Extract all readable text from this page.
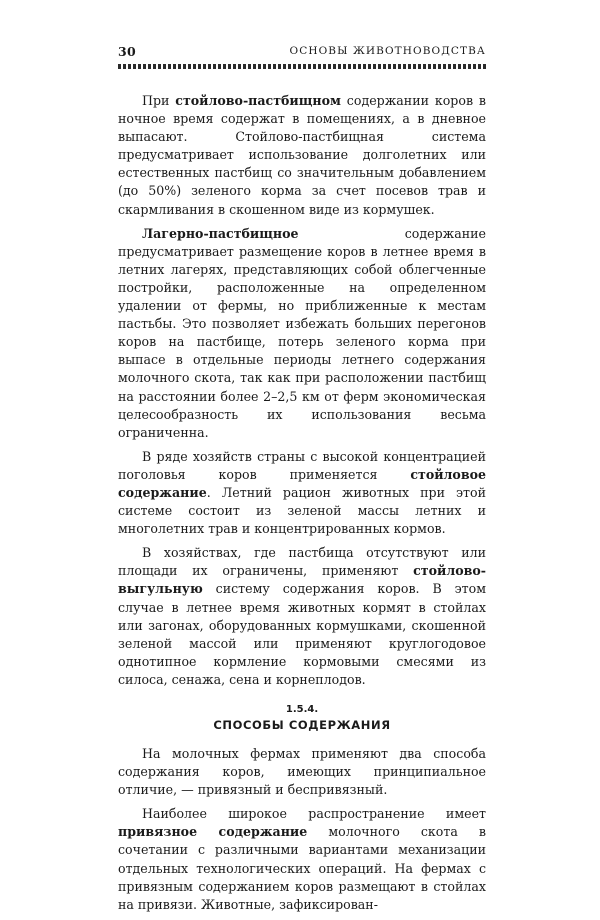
30	ОСНОВЫ ЖИВОТНОВОДСТВА

При стойлово-пастбищном содержании коров в ночное время содержат в помещениях, а в дневное выпасают. Стойлово-пастбищная система предусматривает использование долголетних или естественных пастбищ со значительным добавлением (до 50%) зеленого корма за счет посевов трав и скармливания в скошенном виде из кормушек.

Лагерно-пастбищное содержание предусматривает размещение коров в летнее время в летних лагерях, представляющих собой облегченные постройки, расположенные на определенном удалении от фермы, но приближенные к местам пастьбы. Это позволяет избежать больших перегонов коров на пастбище, потерь зеленого корма при выпасе в отдельные периоды летнего содержания молочного скота, так как при расположении пастбищ на расстоянии более 2–2,5 км от ферм экономическая целесообразность их использования весьма ограниченна.

В ряде хозяйств страны с высокой концентрацией поголовья коров применяется стойловое содержание. Летний рацион животных при этой системе состоит из зеленой массы летних и многолетних трав и концентрированных кормов.

В хозяйствах, где пастбища отсутствуют или площади их ограничены, применяют стойлово-выгульную систему содержания коров. В этом случае в летнее время животных кормят в стойлах или загонах, оборудованных кормушками, скошенной зеленой массой или применяют круглогодовое однотипное кормление кормовыми смесями из силоса, сенажа, сена и корнеплодов.

1.5.4.
СПОСОБЫ СОДЕРЖАНИЯ

На молочных фермах применяют два способа содержания коров, имеющих принципиальное отличие, — привязный и беспривязный.

Наиболее широкое распространение имеет привязное содержание молочного скота в сочетании с различными вариантами механизации отдельных технологических операций. На фермах с привязным содержанием коров размещают в стойлах на привязи. Животные, зафиксирован-
